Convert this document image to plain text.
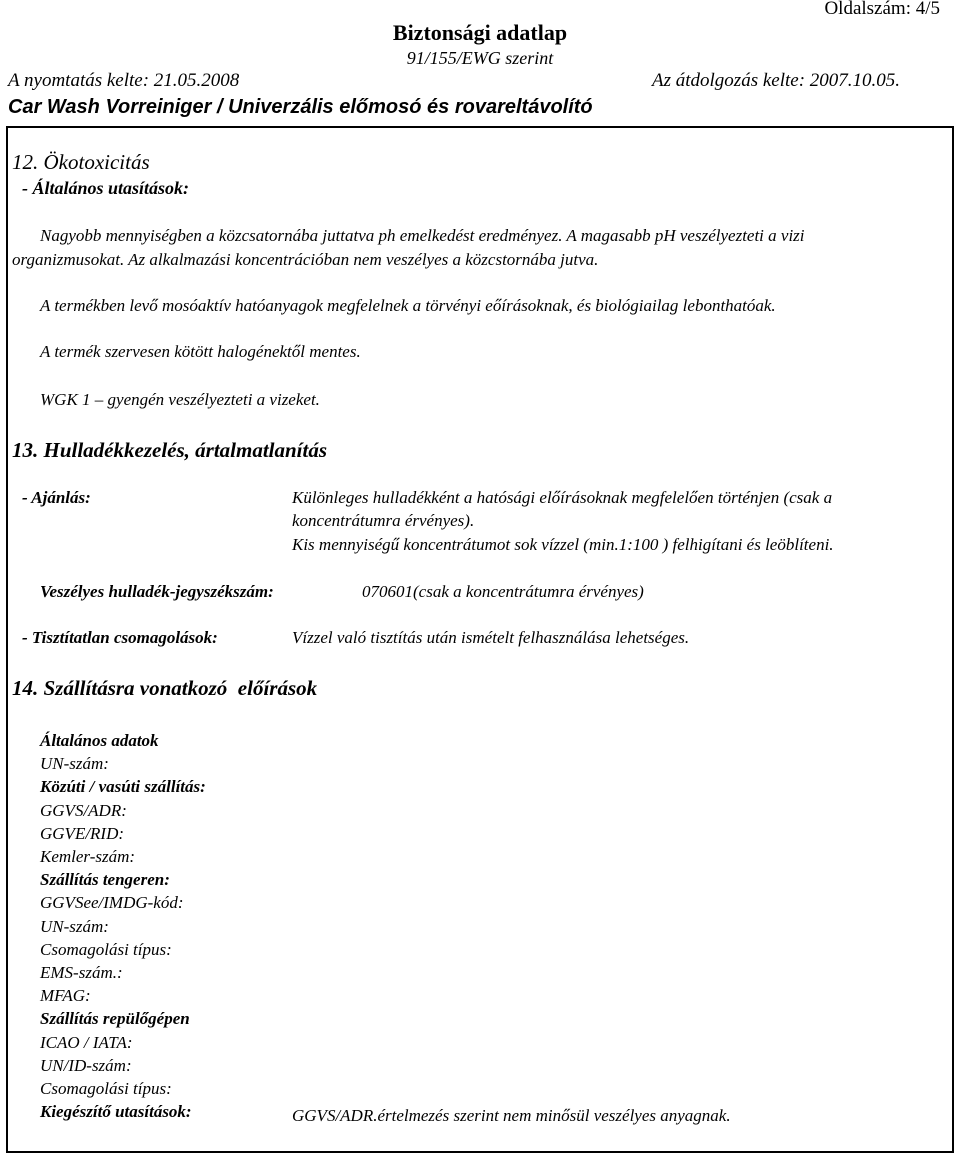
Oldalszám: 4/5
Biztonsági adatlap
91/155/EWG szerint
A nyomtatás kelte: 21.05.2008	Az átdolgozás kelte: 2007.10.05.
Car Wash Vorreiniger / Univerzális előmosó és rovareltávolító
12. Ökotoxicitás
- Általános utasítások:
Nagyobb mennyiségben a közcsatornába juttatva ph emelkedést eredményez. A magasabb pH veszélyezteti a vizi
organizmusokat. Az alkalmazási koncentrációban nem veszélyes a közcstornába jutva.
A termékben levő mosóaktív hatóanyagok megfelelnek a törvényi eőírásoknak, és biológiailag lebonthatóak.
A termék szervesen kötött halogénektől mentes.
WGK 1 – gyengén veszélyezteti a vizeket.
13. Hulladékkezelés, ártalmatlanítás
- Ajánlás:	Különleges hulladékként a hatósági előírásoknak megfelelően történjen (csak a
koncentrátumra érvényes).
Kis mennyiségű koncentrátumot sok vízzel (min.1:100 ) felhigítani és leöblíteni.
Veszélyes hulladék-jegyszékszám:	070601(csak a koncentrátumra érvényes)
- Tisztítatlan csomagolások:	Vízzel való tisztítás után ismételt felhasználása lehetséges.
14. Szállításra vonatkozó  előírások
Általános adatok
UN-szám:
Közúti / vasúti szállítás:
GGVS/ADR:
GGVE/RID:
Kemler-szám:
Szállítás tengeren:
GGVSee/IMDG-kód:
UN-szám:
Csomagolási típus:
EMS-szám.:
MFAG:
Szállítás repülőgépen
ICAO / IATA:
UN/ID-szám:
Csomagolási típus:
Kiegészítő utasítások:	GGVS/ADR.értelmezés szerint nem minősül veszélyes anyagnak.
